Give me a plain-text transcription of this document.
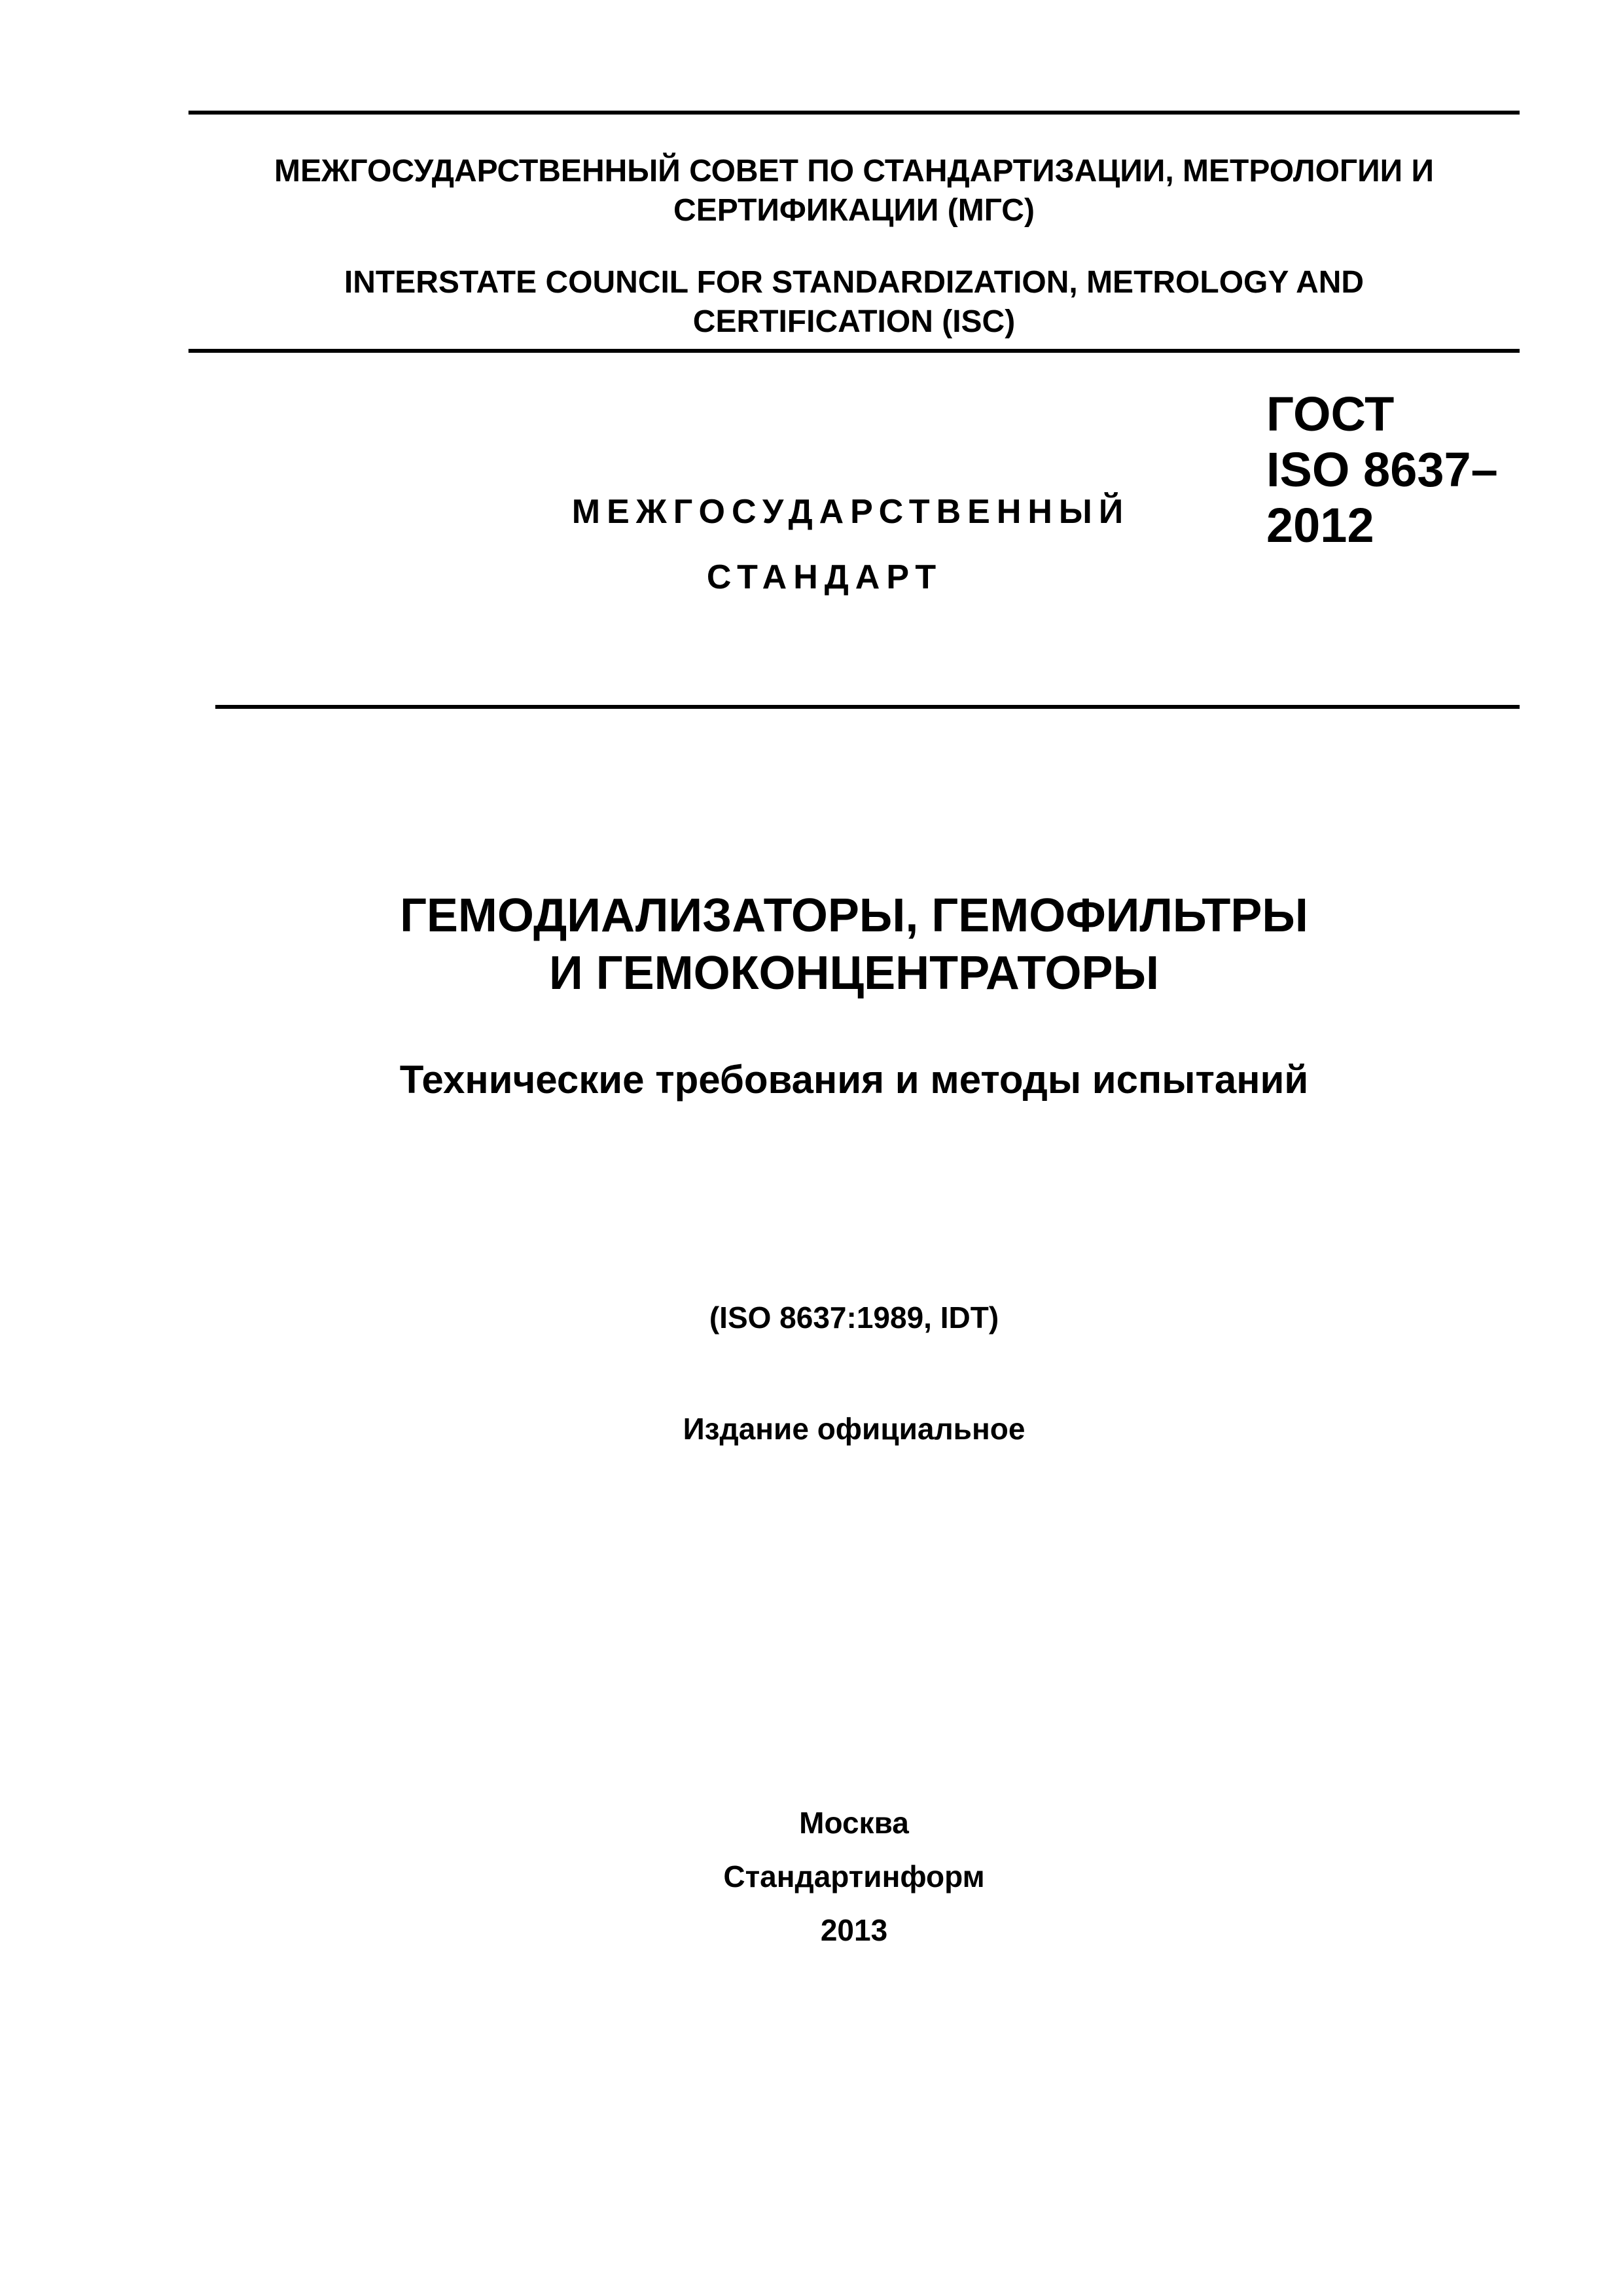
МЕЖГОСУДАРСТВЕННЫЙ СОВЕТ ПО СТАНДАРТИЗАЦИИ, МЕТРОЛОГИИ И
СЕРТИФИКАЦИИ (МГС)
INTERSTATE COUNCIL FOR STANDARDIZATION, METROLOGY AND
CERTIFICATION (ISC)
МЕЖГОСУДАРСТВЕННЫЙ
СТАНДАРТ
ГОСТ
ISO 8637–
2012
ГЕМОДИАЛИЗАТОРЫ, ГЕМОФИЛЬТРЫ
И ГЕМОКОНЦЕНТРАТОРЫ
Технические требования и методы испытаний
(ISO 8637:1989, IDT)
Издание официальное
Москва
Стандартинформ
2013
